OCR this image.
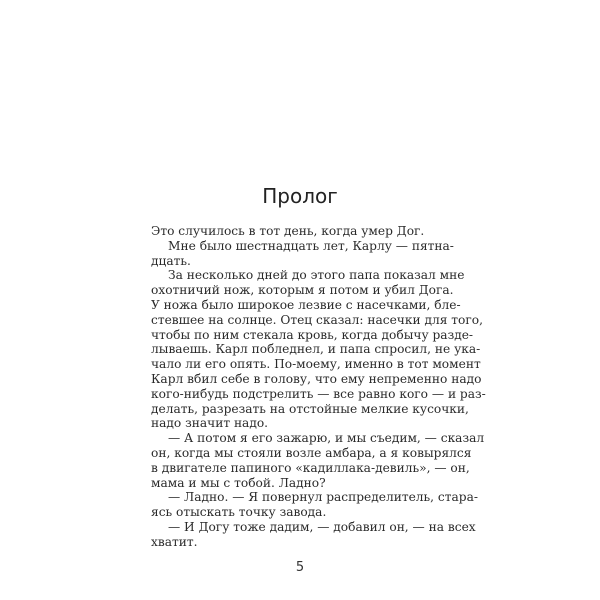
Пролог
Это случилось в тот день, когда умер Дог.
Мне было шестнадцать лет, Карлу — пятна-
дцать.
За несколько дней до этого папа показал мне
охотничий нож, которым я потом и убил Дога.
У ножа было широкое лезвие с насечками, бле-
стевшее на солнце. Отец сказал: насечки для того,
чтобы по ним стекала кровь, когда добычу разде-
лываешь. Карл побледнел, и папа спросил, не ука-
чало ли его опять. По-моему, именно в тот момент
Карл вбил себе в голову, что ему непременно надо
кого-нибудь подстрелить — все равно кого — и раз-
делать, разрезать на отстойные мелкие кусочки,
надо значит надо.
— А потом я его зажарю, и мы съедим, — сказал
он, когда мы стояли возле амбара, а я ковырялся
в двигателе папиного «кадиллака-девиль», — он,
мама и мы с тобой. Ладно?
— Ладно. — Я повернул распределитель, стара-
ясь отыскать точку завода.
— И Догу тоже дадим, — добавил он, — на всех
хватит.
5
